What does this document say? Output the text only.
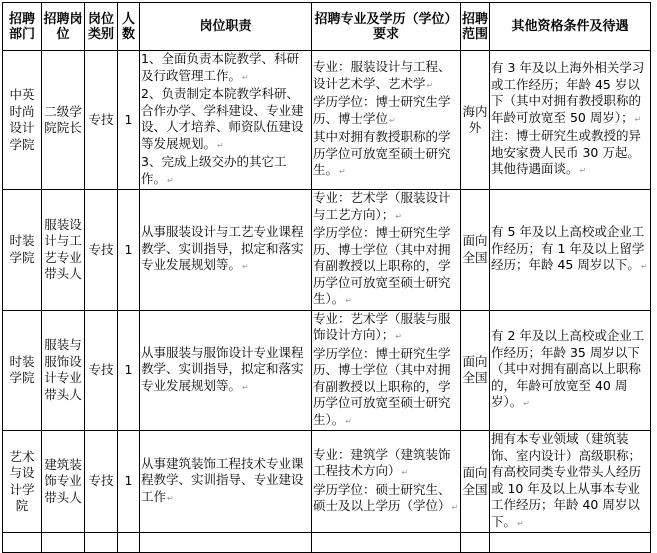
招聘部门	招聘岗位	岗位类别	人数	岗位职责	招聘专业及学历（学位） 要求	招聘范围	其他资格条件及待遇
中英时尚设计学院	二级学院院长	专技	1	1、全面负责本院教学、科研及行政管理工作。 ↵
2、负责制定本院教学科研、合作办学、学科建设、专业建设、人才培养、师资队伍建设等发展规划。 ↵
3、完成上级交办的其它工作。 ↵	专业：服装设计与工程、设计艺术学、艺术学 ↵
学历学位：博士研究生学历、博士学位 ↵
其中对拥有教授职称的学历学位可放宽至硕士研究生。 ↵	海内外	有 3 年及以上海外相关学习或工作经历；年龄 45 岁以下（其中对拥有教授职称的年龄可放宽至 50 周岁）； ↵
注：博士研究生或教授的异地安家费人民币 30 万起。其他待遇面谈。 ↵

时装学院	服装设计与工艺专业带头人	专技	1	从事服装设计与工艺专业课程教学、实训指导，拟定和落实专业发展规划等。 ↵	专业：艺术学（服装设计与工艺方向）； ↵
学历学位：博士研究生学历、博士学位（其中对拥有副教授以上职称的，学历学位可放宽至硕士研究生）。 ↵	面向全国	有 5 年及以上高校或企业工作经历；有 1 年及以上留学经历；年龄 45 周岁以下。 ↵

时装学院	服装与服饰设计专业带头人	专技	1	从事服装与服饰设计专业课程教学、实训指导，拟定和落实专业发展规划等。 ↵	专业：艺术学（服装与服饰设计方向）； ↵
学历学位：博士研究生学历、博士学位（其中对拥有副教授以上职称的，学历学位可放宽至硕士研究生）。 ↵	面向全国	有 2 年及以上高校或企业工作经历；年龄 35 周岁以下（其中对拥有副高以上职称的，年龄可放宽至 40 周岁）。 ↵

艺术与设计学院	建筑装饰专业带头人	专技	1	从事建筑装饰工程技术专业课程教学、实训指导、专业建设工作 ↵	专业：建筑学（建筑装饰工程技术方向） ↵
学历学位：硕士研究生、硕士及以上学历（学位） ↵	面向全国	拥有本专业领域（建筑装饰、室内设计）高级职称；有高校同类专业带头人经历或 10 年及以上从事本专业工作经历；年龄 40 周岁以下。 ↵
